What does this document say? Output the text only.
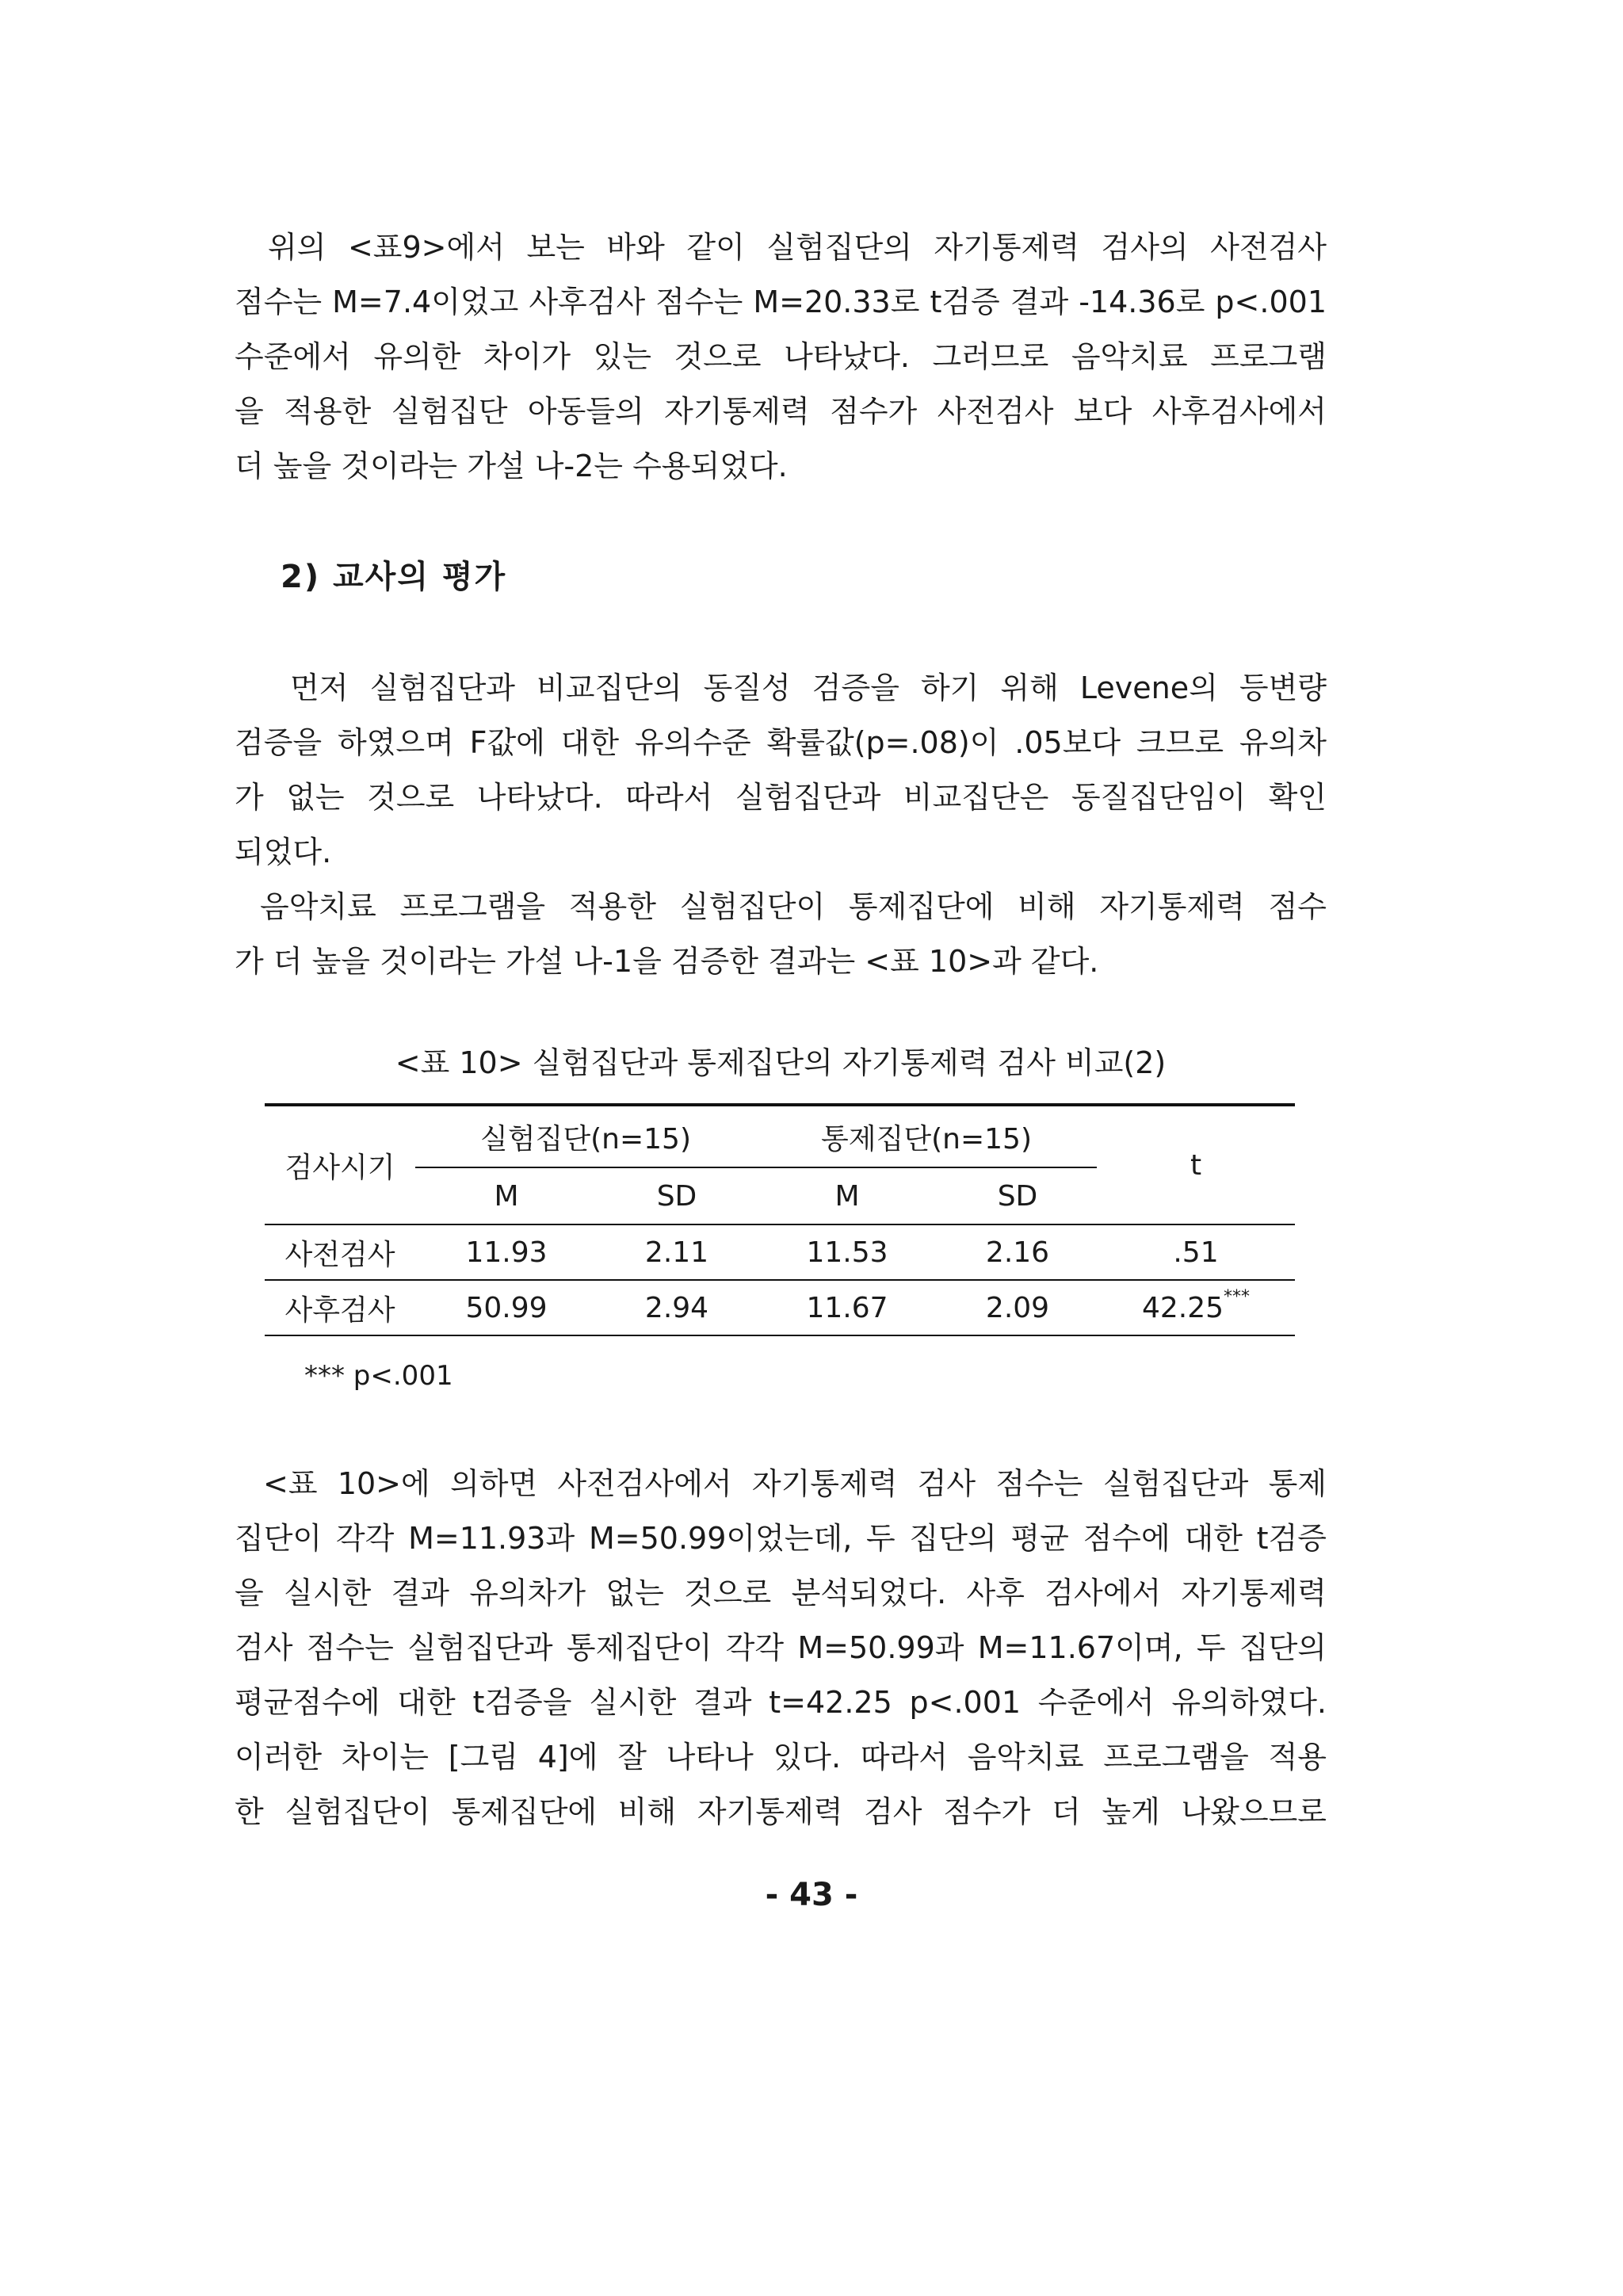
위의 <표9>에서 보는 바와 같이 실험집단의 자기통제력 검사의 사전검사
점수는 M=7.4이었고 사후검사 점수는 M=20.33로 t검증 결과 -14.36로 p<.001
수준에서 유의한 차이가 있는 것으로 나타났다. 그러므로 음악치료 프로그램
을 적용한 실험집단 아동들의 자기통제력 점수가 사전검사 보다 사후검사에서
더 높을 것이라는 가설 나-2는 수용되었다.
2) 교사의 평가
먼저 실험집단과 비교집단의 동질성 검증을 하기 위해 Levene의 등변량
검증을 하였으며 F값에 대한 유의수준 확률값(p=.08)이 .05보다 크므로 유의차
가 없는 것으로 나타났다. 따라서 실험집단과 비교집단은 동질집단임이 확인
되었다.
음악치료 프로그램을 적용한 실험집단이 통제집단에 비해 자기통제력 점수
가 더 높을 것이라는 가설 나-1을 검증한 결과는 <표 10>과 같다.
<표 10> 실험집단과 통제집단의 자기통제력 검사 비교(2)
검사시기	실험집단(n=15)		통제집단(n=15)		t
	M	SD	M	SD	
사전검사	11.93	2.11	11.53	2.16	.51
사후검사	50.99	2.94	11.67	2.09	42.25***
*** p<.001
<표 10>에 의하면 사전검사에서 자기통제력 검사 점수는 실험집단과 통제
집단이 각각 M=11.93과 M=50.99이었는데, 두 집단의 평균 점수에 대한 t검증
을 실시한 결과 유의차가 없는 것으로 분석되었다. 사후 검사에서 자기통제력
검사 점수는 실험집단과 통제집단이 각각 M=50.99과 M=11.67이며, 두 집단의
평균점수에 대한 t검증을 실시한 결과 t=42.25 p<.001 수준에서 유의하였다.
이러한 차이는 [그림 4]에 잘 나타나 있다. 따라서 음악치료 프로그램을 적용
한 실험집단이 통제집단에 비해 자기통제력 검사 점수가 더 높게 나왔으므로
- 43 -
